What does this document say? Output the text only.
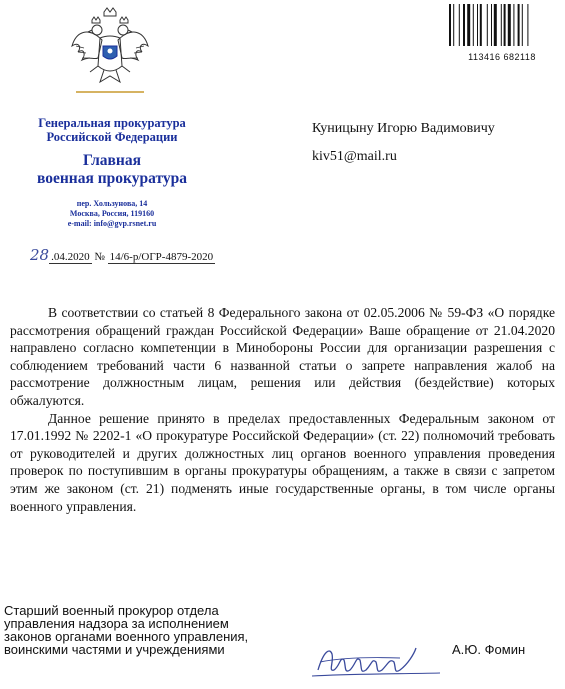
113416 682118
Генеральная прокуратура
Российской Федерации
Главная
военная прокуратура
пер. Хользунова, 14
Москва, Россия, 119160
e-mail: info@gvp.rsnet.ru
Куницыну Игорю Вадимовичу
kiv51@mail.ru
28 .04.2020 № 14/6-р/ОГР-4879-2020

В соответствии со статьей 8 Федерального закона от 02.05.2006 № 59-ФЗ «О порядке рассмотрения обращений граждан Российской Федерации» Ваше обращение от 21.04.2020 направлено согласно компетенции в Минобороны России для организации разрешения с соблюдением требований части 6 названной статьи о запрете направления жалоб на рассмотрение должностным лицам, решения или действия (бездействие) которых обжалуются.

Данное решение принято в пределах предоставленных Федеральным законом от 17.01.1992 № 2202-1 «О прокуратуре Российской Федерации» (ст. 22) полномочий требовать от руководителей и других должностных лиц органов военного управления проведения проверок по поступившим в органы прокуратуры обращениям, а также в связи с запретом этим же законом (ст. 21) подменять иные государственные органы, в том числе органы военного управления.

Старший военный прокурор отдела
управления надзора за исполнением
законов органами военного управления,
воинскими частями и учреждениями	А.Ю. Фомин
